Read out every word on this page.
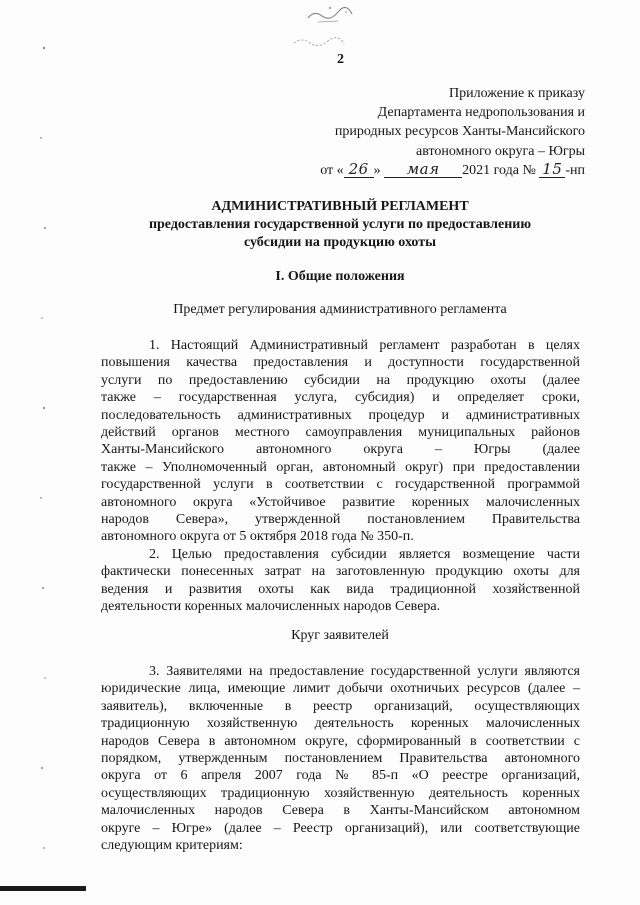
2
Приложение к приказу
Департамента недропользования и
природных ресурсов Ханты-Мансийского
автономного округа – Югры
от « 26 » мая 2021 года № 15 -нп
АДМИНИСТРАТИВНЫЙ РЕГЛАМЕНТ
предоставления государственной услуги по предоставлению
субсидии на продукцию охоты
I. Общие положения
Предмет регулирования административного регламента
1. Настоящий Административный регламент разработан в целях
повышения качества предоставления и доступности государственной
услуги по предоставлению субсидии на продукцию охоты (далее
также – государственная услуга, субсидия) и определяет сроки,
последовательность административных процедур и административных
действий органов местного самоуправления муниципальных районов
Ханты-Мансийского автономного округа – Югры (далее
также – Уполномоченный орган, автономный округ) при предоставлении
государственной услуги в соответствии с государственной программой
автономного округа «Устойчивое развитие коренных малочисленных
народов Севера», утвержденной постановлением Правительства
автономного округа от 5 октября 2018 года № 350-п.
2. Целью предоставления субсидии является возмещение части
фактически понесенных затрат на заготовленную продукцию охоты для
ведения и развития охоты как вида традиционной хозяйственной
деятельности коренных малочисленных народов Севера.
Круг заявителей
3. Заявителями на предоставление государственной услуги являются
юридические лица, имеющие лимит добычи охотничьих ресурсов (далее –
заявитель), включенные в реестр организаций, осуществляющих
традиционную хозяйственную деятельность коренных малочисленных
народов Севера в автономном округе, сформированный в соответствии с
порядком, утвержденным постановлением Правительства автономного
округа от 6 апреля 2007 года № 85-п «О реестре организаций,
осуществляющих традиционную хозяйственную деятельность коренных
малочисленных народов Севера в Ханты-Мансийском автономном
округе – Югре» (далее – Реестр организаций), или соответствующие
следующим критериям:
